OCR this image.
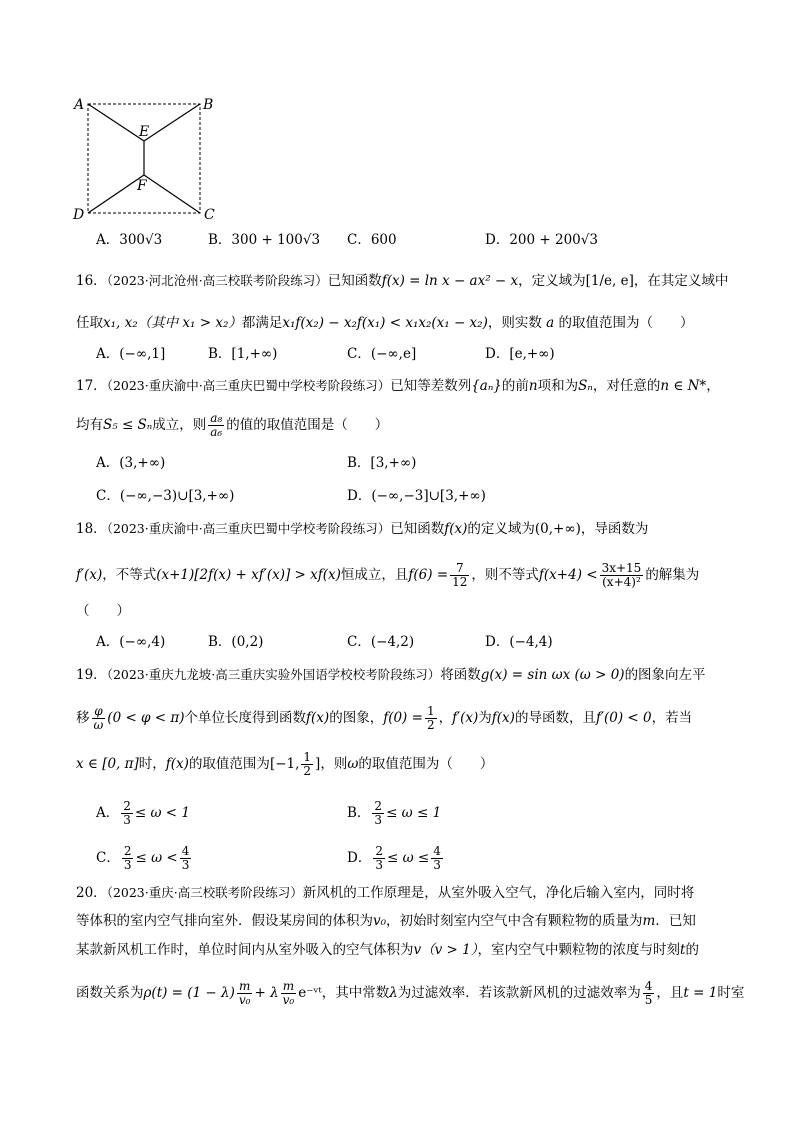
A	B
E
F
D	C
A．300√3	B．300 + 100√3 C．600	D．200 + 200√3
16．（2023·河北沧州·高三校联考阶段练习）已知函数f(x) = ln x − ax² − x，定义域为[1/e, e]，在其定义域中
任取x₁, x₂（其中 x₁ > x₂）都满足x₁f(x₂) − x₂f(x₁) < x₁x₂(x₁ − x₂)，则实数 a 的取值范围为（　　）
A．(−∞,1]	B．[1,+∞)	C．(−∞,e]	D．[e,+∞)
17．（2023·重庆渝中·高三重庆巴蜀中学校考阶段练习）已知等差数列{aₙ}的前n项和为Sₙ，对任意的n ∈ N*，
均有S₅ ≤ Sₙ成立，则 $\frac{\text{a₈}}{\text{a₆}}$ 的值的取值范围是（　　）
A．(3,+∞)	B．[3,+∞)
C．(−∞,−3)∪[3,+∞)	D．(−∞,−3]∪[3,+∞)
18．（2023·重庆渝中·高三重庆巴蜀中学校考阶段练习）已知函数f(x)的定义域为(0,+∞)，导函数为
f′(x)，不等式(x+1)[2f(x) + xf′(x)] > xf(x)恒成立，且$f(6) = \frac{7}{12}$ ，则不等式$f(x+4) < \frac{3x+15}{\text{(x+4)²}}$ 的解集为
（　　）
A．(−∞,4)	B．(0,2)	C．(−4,2)	D．(−4,4)
19．（2023·重庆九龙坡·高三重庆实验外国语学校校考阶段练习）将函数g(x) = sin ωx (ω > 0)的图象向左平
移 $\frac{\varphi}{\omega} (0 < \varphi < \pi)$个单位长度得到函数f(x)的图象，$f(0) = \frac{1}{2}$ ，f′(x)为f(x)的导函数，且f′(0) < 0，若当
x ∈ [0, π]时，f(x)的取值范围为[−1, $\frac{1}{2}$ ]，则ω的取值范围为（　　）
A． $\frac{2}{3} \le \omega < 1$	B． $\frac{2}{3} \le \omega \le 1$
C． $\frac{2}{3} \le \omega < \frac{4}{3}$	D． $\frac{2}{3} \le \omega \le \frac{4}{3}$
20．（2023·重庆·高三校联考阶段练习）新风机的工作原理是，从室外吸入空气，净化后输入室内，同时将
等体积的室内空气排向室外．假设某房间的体积为v₀，初始时刻室内空气中含有颗粒物的质量为m．已知
某款新风机工作时，单位时间内从室外吸入的空气体积为v（v > 1），室内空气中颗粒物的浓度与时刻t的
函数关系为$\rho(t) = (1 - \lambda) \frac{m}{\text{v₀}} + \lambda \frac{m}{\text{v₀}}$ e⁻ᵛᵗ，其中常数λ为过滤效率．若该款新风机的过滤效率为 $\frac{4}{5}$ ，且t = 1时室
